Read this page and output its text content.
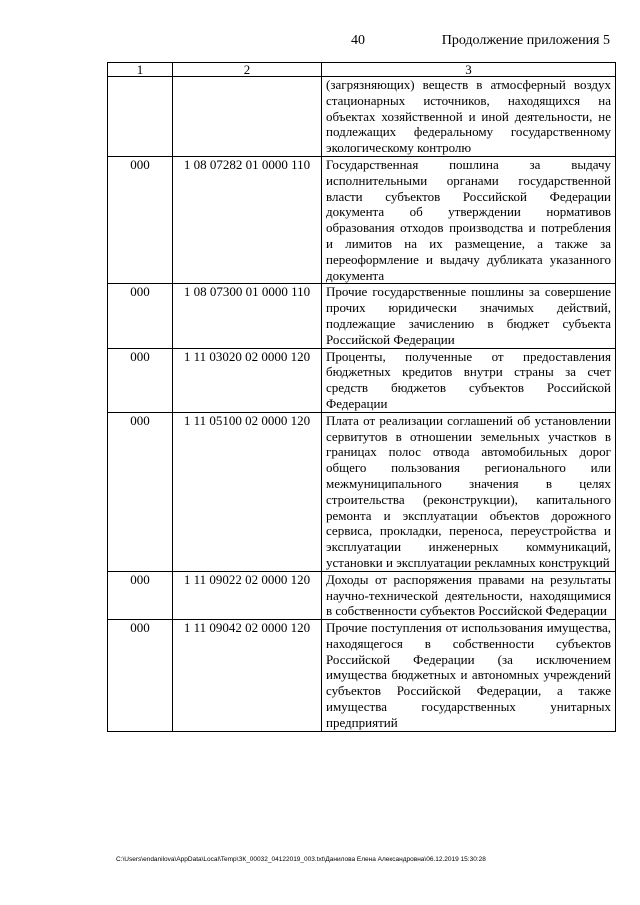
40	Продолжение приложения 5
1	2	3
		(загрязняющих) веществ в атмосферный воздух стационарных источников, находящихся на объектах хозяйственной и иной деятельности, не подлежащих федеральному государственному экологическому контролю
000	1 08 07282 01 0000 110	Государственная пошлина за выдачу исполнительными органами государственной власти субъектов Российской Федерации документа об утверждении нормативов образования отходов производства и потребления и лимитов на их размещение, а также за переоформление и выдачу дубликата указанного документа
000	1 08 07300 01 0000 110	Прочие государственные пошлины за совершение прочих юридически значимых действий, подлежащие зачислению в бюджет субъекта Российской Федерации
000	1 11 03020 02 0000 120	Проценты, полученные от предоставления бюджетных кредитов внутри страны за счет средств бюджетов субъектов Российской Федерации
000	1 11 05100 02 0000 120	Плата от реализации соглашений об установлении сервитутов в отношении земельных участков в границах полос отвода автомобильных дорог общего пользования регионального или межмуниципального значения в целях строительства (реконструкции), капитального ремонта и эксплуатации объектов дорожного сервиса, прокладки, переноса, переустройства и эксплуатации инженерных коммуникаций, установки и эксплуатации рекламных конструкций
000	1 11 09022 02 0000 120	Доходы от распоряжения правами на результаты научно-технической деятельности, находящимися в собственности субъектов Российской Федерации
000	1 11 09042 02 0000 120	Прочие поступления от использования имущества, находящегося в собственности субъектов Российской Федерации (за исключением имущества бюджетных и автономных учреждений субъектов Российской Федерации, а также имущества государственных унитарных предприятий
C:\Users\endanilova\AppData\Local\Temp\ЗК_00032_04122019_003.txt\Данилова Елена Александровна\06.12.2019 15:30:28
